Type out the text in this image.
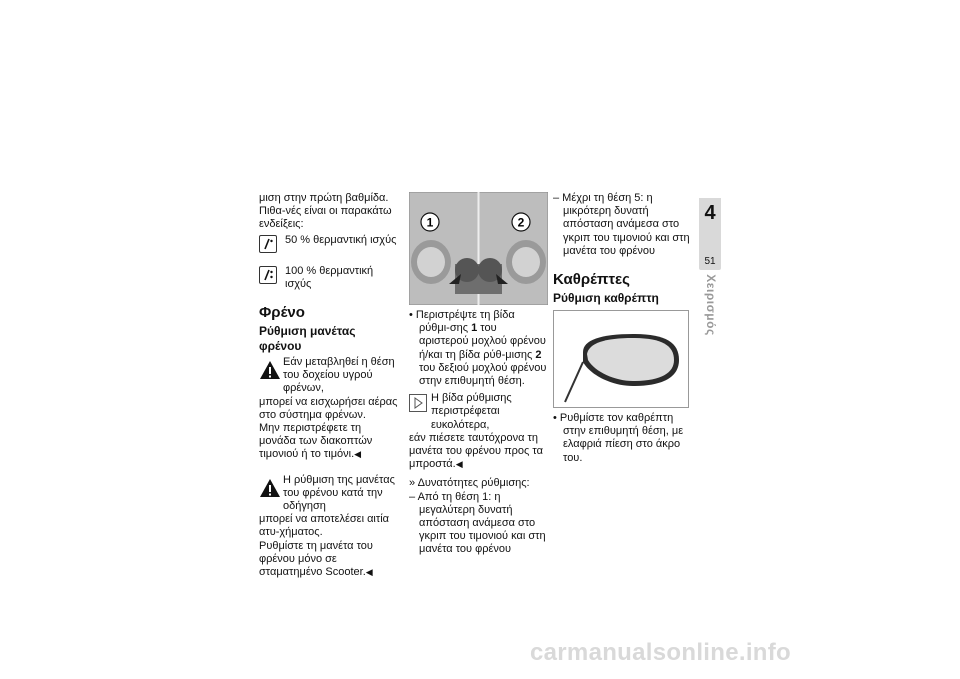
μιση στην πρώτη βαθμίδα. Πιθα-νές είναι οι παρακάτω ενδείξεις:

50 % θερμαντική ισχύς
100 % θερμαντική ισχύς

Φρένο

Ρύθμιση μανέτας φρένου

Εάν μεταβληθεί η θέση του δοχείου υγρού φρένων,

μπορεί να εισχωρήσει αέρας στο σύστημα φρένων.

Μην περιστρέφετε τη μονάδα των διακοπτών τιμονιού ή το τιμόνι.◀

Η ρύθμιση της μανέτας του φρένου κατά την οδήγηση

μπορεί να αποτελέσει αιτία ατυ-χήματος.

Ρυθμίστε τη μανέτα του φρένου μόνο σε σταματημένο Scooter.◀

1	2

• Περιστρέψτε τη βίδα ρύθμι-σης 1 του αριστερού μοχλού φρένου ή/και τη βίδα ρύθ-μισης 2 του δεξιού μοχλού φρένου στην επιθυμητή θέση.

Η βίδα ρύθμισης περιστρέφεται ευκολότερα,

εάν πιέσετε ταυτόχρονα τη μανέτα του φρένου προς τα μπροστά.◀

» Δυνατότητες ρύθμισης:

– Από τη θέση 1: η μεγαλύτερη δυνατή απόσταση ανάμεσα στο γκριπ του τιμονιού και στη μανέτα του φρένου

– Μέχρι τη θέση 5: η μικρότερη δυνατή απόσταση ανάμεσα στο γκριπ του τιμονιού και στη μανέτα του φρένου

Καθρέπτες

Ρύθμιση καθρέπτη

• Ρυθμίστε τον καθρέπτη στην επιθυμητή θέση, με ελαφριά πίεση στο άκρο του.

4
51
Χειρισμός
carmanualsonline.info
